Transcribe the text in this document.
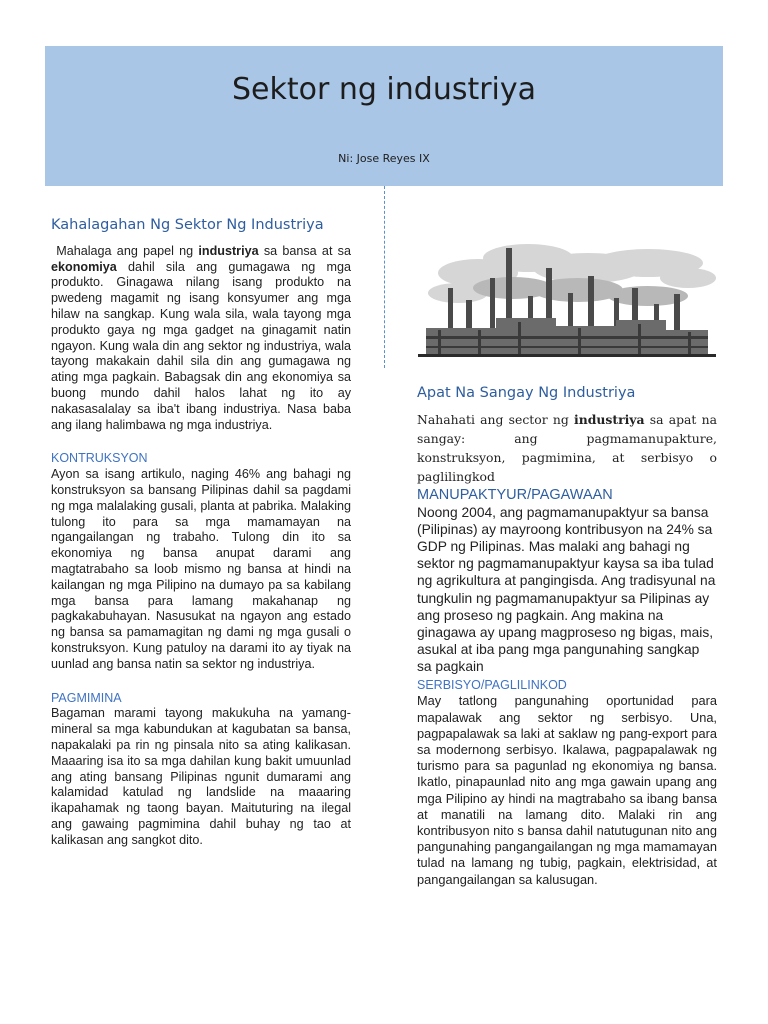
Sektor ng industriya
Ni: Jose Reyes IX
Kahalagahan Ng Sektor Ng Industriya

Mahalaga ang papel ng industriya sa bansa at sa ekonomiya dahil sila ang gumagawa ng mga produkto. Ginagawa nilang isang produkto na pwedeng magamit ng isang konsyumer ang mga hilaw na sangkap. Kung wala sila, wala tayong mga produkto gaya ng mga gadget na ginagamit natin ngayon. Kung wala din ang sektor ng industriya, wala tayong makakain dahil sila din ang gumagawa ng ating mga pagkain. Babagsak din ang ekonomiya sa buong mundo dahil halos lahat ng ito ay nakasasalalay sa iba't ibang industriya. Nasa baba ang ilang halimbawa ng mga industriya.

KONTRUKSYON

Ayon sa isang artikulo, naging 46% ang bahagi ng konstruksyon sa bansang Pilipinas dahil sa pagdami ng mga malalaking gusali, planta at pabrika. Malaking tulong ito para sa mga mamamayan na ngangailangan ng trabaho. Tulong din ito sa ekonomiya ng bansa anupat darami ang magtatrabaho sa loob mismo ng bansa at hindi na kailangan ng mga Pilipino na dumayo pa sa kabilang mga bansa para lamang makahanap ng pagkakabuhayan. Nasusukat na ngayon ang estado ng bansa sa pamamagitan ng dami ng mga gusali o konstruksyon. Kung patuloy na darami ito ay tiyak na uunlad ang bansa natin sa sektor ng industriya.

PAGMIMINA

Bagaman marami tayong makukuha na yamang-mineral sa mga kabundukan at kagubatan sa bansa, napakalaki pa rin ng pinsala nito sa ating kalikasan. Maaaring isa ito sa mga dahilan kung bakit umuunlad ang ating bansang Pilipinas ngunit dumarami ang kalamidad katulad ng landslide na maaaring ikapahamak ng taong bayan. Maituturing na ilegal ang gawaing pagmimina dahil buhay ng tao at kalikasan ang sangkot dito.

Apat Na Sangay Ng Industriya

Nahahati ang sector ng industriya sa apat na sangay: ang pagmamanupakture, konstruksyon, pagmimina, at serbisyo o paglilingkod

MANUPAKTYUR/PAGAWAAN

Noong 2004, ang pagmamanupaktyur sa bansa (Pilipinas) ay mayroong kontribusyon na 24% sa GDP ng Pilipinas. Mas malaki ang bahagi ng sektor ng pagmamanupaktyur kaysa sa iba tulad ng agrikultura at pangingisda. Ang tradisyunal na tungkulin ng pagmamanupaktyur sa Pilipinas ay ang proseso ng pagkain. Ang makina na ginagawa ay upang magproseso ng bigas, mais, asukal at iba pang mga pangunahing sangkap sa pagkain

SERBISYO/PAGLILINKOD

May tatlong pangunahing oportunidad para mapalawak ang sektor ng serbisyo. Una, pagpapalawak sa laki at saklaw ng pang-export para sa modernong serbisyo. Ikalawa, pagpapalawak ng turismo para sa pagunlad ng ekonomiya ng bansa. Ikatlo, pinapaunlad nito ang mga gawain upang ang mga Pilipino ay hindi na magtrabaho sa ibang bansa at manatili na lamang dito. Malaki rin ang kontribusyon nito s bansa dahil natutugunan nito ang pangunahing pangangailangan ng mga mamamayan tulad na lamang ng tubig, pagkain, elektrisidad, at pangangailangan sa kalusugan.
